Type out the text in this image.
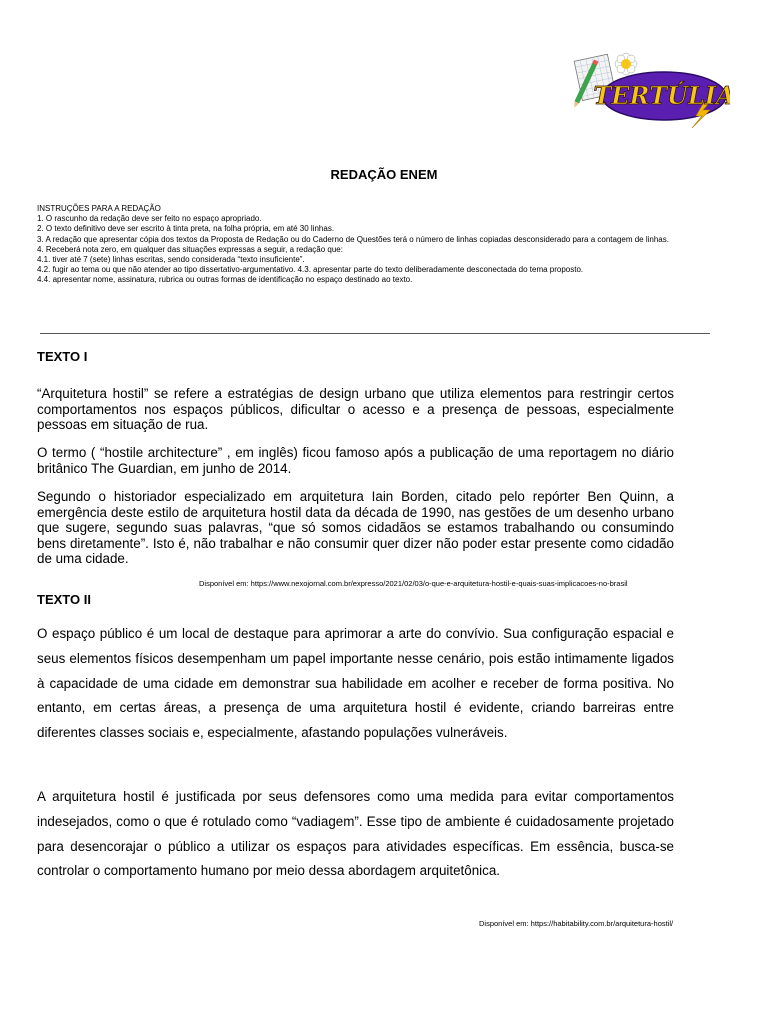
TERTÚLIA
REDAÇÃO ENEM
INSTRUÇÕES PARA A REDAÇÃO
1. O rascunho da redação deve ser feito no espaço apropriado.
2. O texto definitivo deve ser escrito à tinta preta, na folha própria, em até 30 linhas.
3. A redação que apresentar cópia dos textos da Proposta de Redação ou do Caderno de Questões terá o número de linhas copiadas desconsiderado para a contagem de linhas.
4. Receberá nota zero, em qualquer das situações expressas a seguir, a redação que:
4.1. tiver até 7 (sete) linhas escritas, sendo considerada “texto insuficiente”.
4.2. fugir ao tema ou que não atender ao tipo dissertativo-argumentativo. 4.3. apresentar parte do texto deliberadamente desconectada do tema proposto.
4.4. apresentar nome, assinatura, rubrica ou outras formas de identificação no espaço destinado ao texto.
TEXTO I
“Arquitetura hostil” se refere a estratégias de design urbano que utiliza elementos para restringir certos comportamentos nos espaços públicos, dificultar o acesso e a presença de pessoas, especialmente pessoas em situação de rua.
O termo ( “hostile architecture” , em inglês) ficou famoso após a publicação de uma reportagem no diário britânico The Guardian, em junho de 2014.
Segundo o historiador especializado em arquitetura Iain Borden, citado pelo repórter Ben Quinn, a emergência deste estilo de arquitetura hostil data da década de 1990, nas gestões de um desenho urbano que sugere, segundo suas palavras, “que só somos cidadãos se estamos trabalhando ou consumindo bens diretamente”. Isto é, não trabalhar e não consumir quer dizer não poder estar presente como cidadão de uma cidade.
Disponível em: https://www.nexojornal.com.br/expresso/2021/02/03/o-que-e-arquitetura-hostil-e-quais-suas-implicacoes-no-brasil
TEXTO II
O espaço público é um local de destaque para aprimorar a arte do convívio. Sua configuração espacial e seus elementos físicos desempenham um papel importante nesse cenário, pois estão intimamente ligados à capacidade de uma cidade em demonstrar sua habilidade em acolher e receber de forma positiva. No entanto, em certas áreas, a presença de uma arquitetura hostil é evidente, criando barreiras entre diferentes classes sociais e, especialmente, afastando populações vulneráveis.
A arquitetura hostil é justificada por seus defensores como uma medida para evitar comportamentos indesejados, como o que é rotulado como “vadiagem”. Esse tipo de ambiente é cuidadosamente projetado para desencorajar o público a utilizar os espaços para atividades específicas. Em essência, busca-se controlar o comportamento humano por meio dessa abordagem arquitetônica.
Disponível em: https://habitability.com.br/arquitetura-hostil/
